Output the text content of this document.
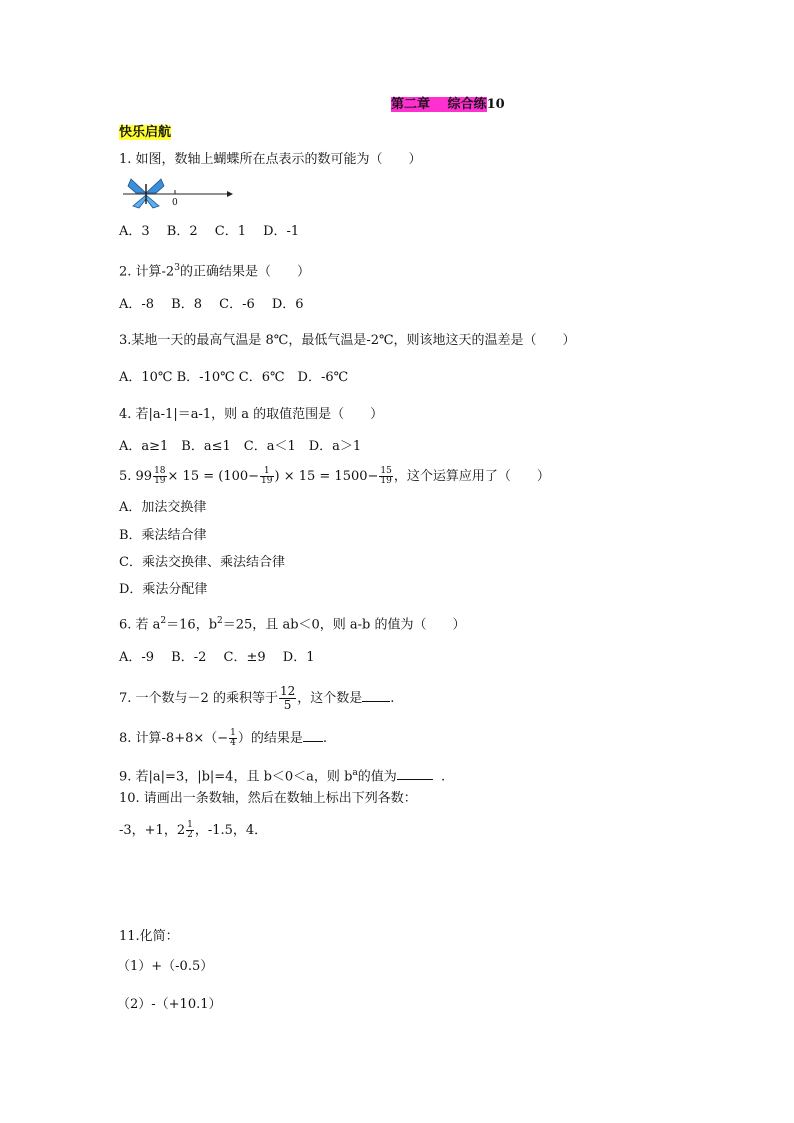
第二章　 综合练10
快乐启航
1. 如图，数轴上蝴蝶所在点表示的数可能为（　　）
0
A．3　 B．2　 C．1　 D．-1
2. 计算$-2^3$的正确结果是（　　）
A．-8　 B．8　 C．-6　 D．6
3.某地一天的最高气温是 8℃，最低气温是-2℃，则该地这天的温差是（　　）
A．10℃ B．-10℃ C．6℃　D．-6℃
4. 若|a-1|＝a-1，则 a 的取值范围是（　　）
A．a≥1　B．a≤1　C．a＜1　D．a＞1
5. $99 \frac{18}{19} \times 15 = (100- \frac{1}{19}$ ) × $15 = 1500- \frac{15}{19}$ ，这个运算应用了（　　）
A．加法交换律
B．乘法结合律
C．乘法交换律、乘法结合律
D．乘法分配律
6. 若 $a^2=16$，$b^2=25$，且 ab＜0，则 a-b 的值为（　　）
A．-9　 B．-2　 C．±9　 D．1
7. 一个数与－2 的乘积等于 $\frac{12}{5}$ ，这个数是 .
8. 计算$-8+8\times(- \frac{1}{4}$ ）的结果是 .
9. 若|a|=3，|b|=4，且 b＜0＜a，则 $b^a$的值为	.
10. 请画出一条数轴，然后在数轴上标出下列各数：
-3，+1，$2 \frac{1}{2}$ ，-1.5，4．
11.化简：
（1）+（-0.5）
（2）-（+10.1）
